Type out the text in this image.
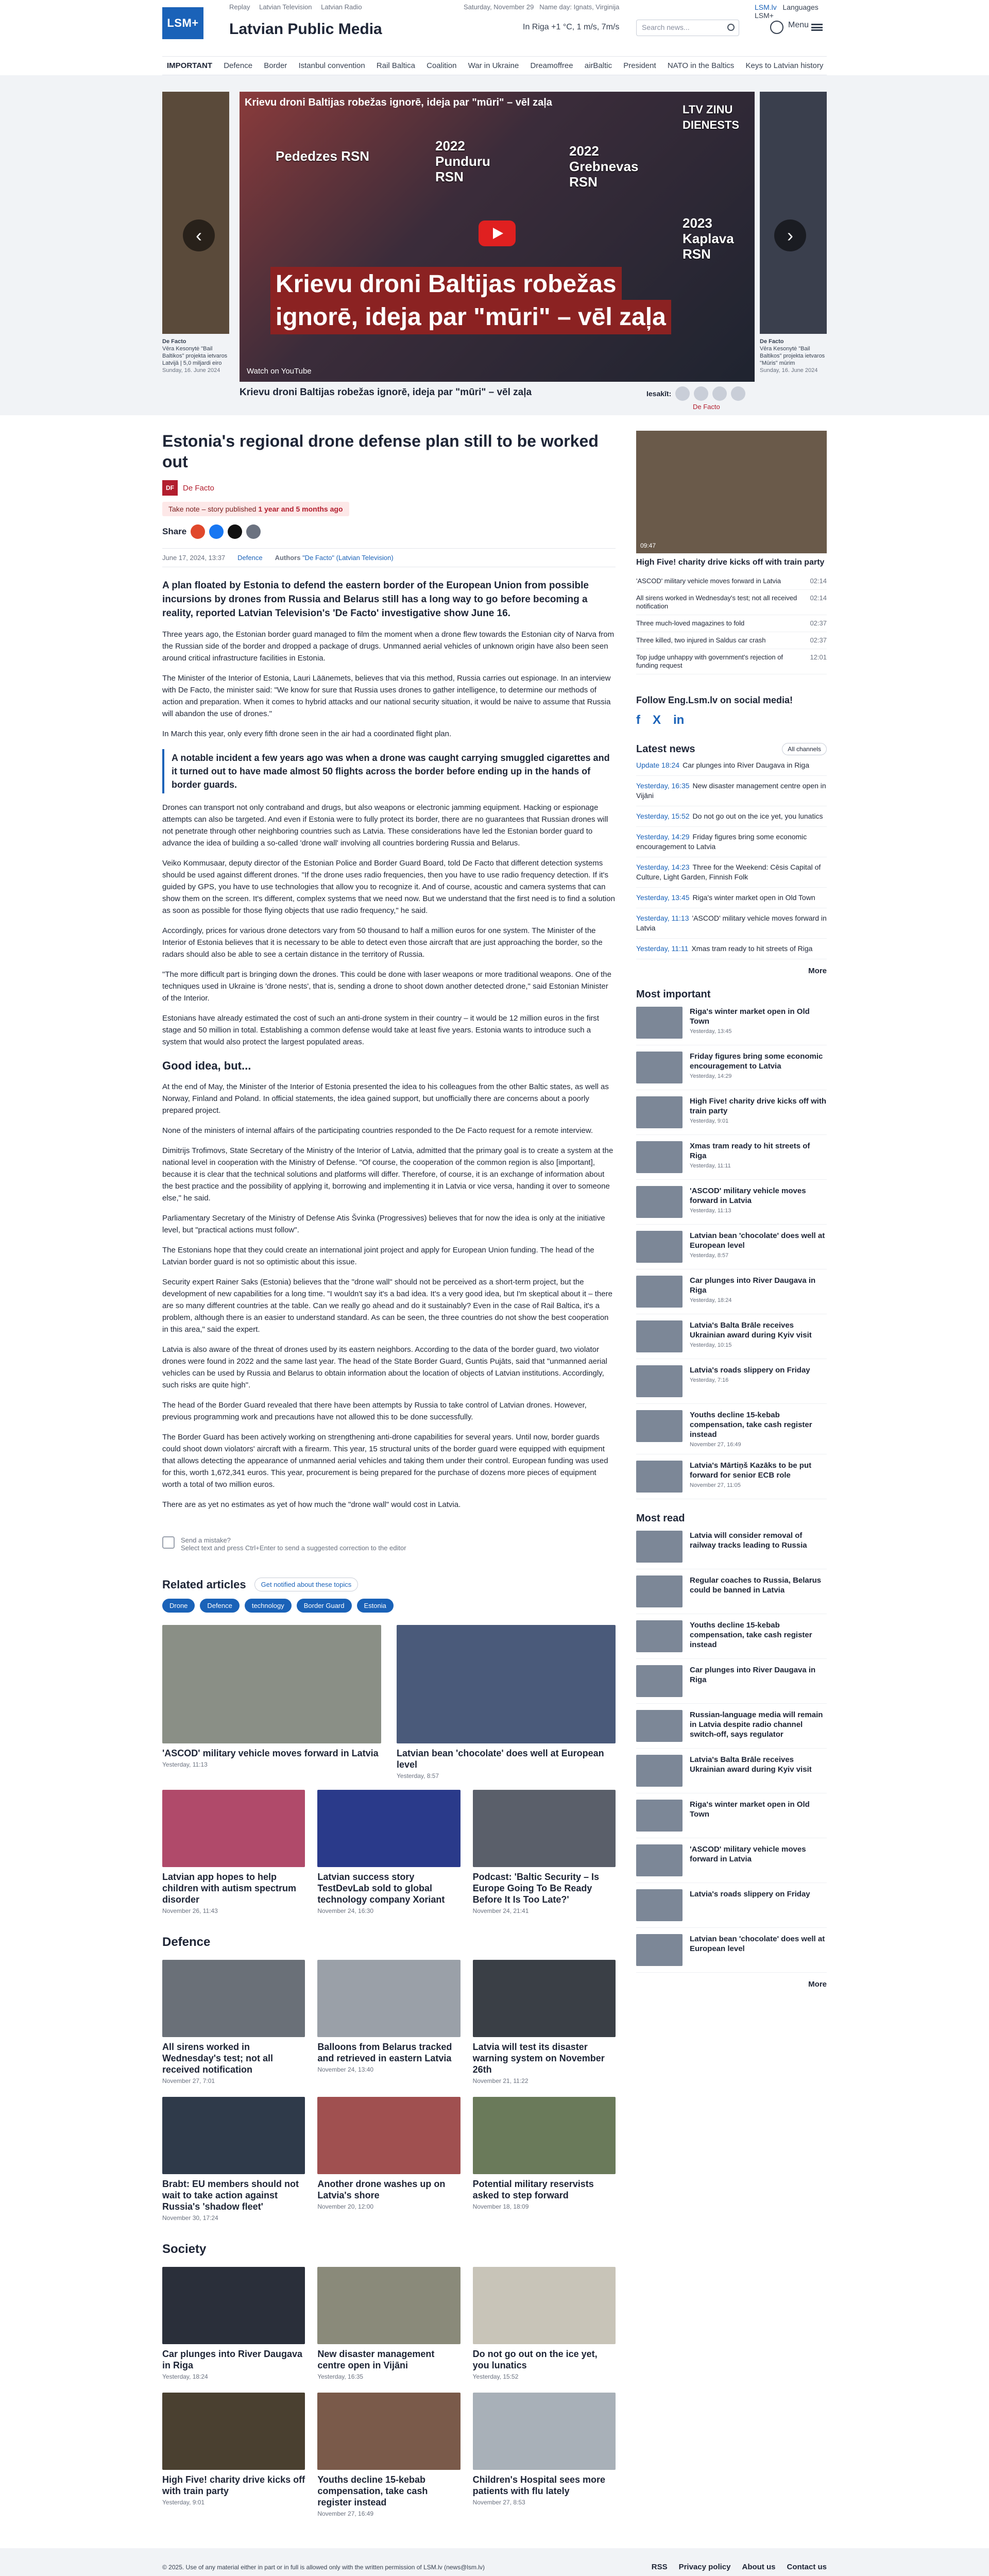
LSM+
Replay Latvian Television Latvian Radio
Latvian Public Media
Saturday, November 29 Name day: Ignats, Virginija
In Riga +1 °C, 1 m/s, 7m/s	Search news...
LSM.lv Languages LSM+
Menu
IMPORTANT Defence Border Istanbul convention Rail Baltica Coalition War in Ukraine Dreamoffree airBaltic President NATO in the Baltics Keys to Latvian history
De Facto
Vēra Kesonytė "Bail Baltikos" projekta ietvaros Latvijā | 5,0 miljardi eiro
Sunday, 16. June 2024
De Facto
Vēra Kesonytė "Bail Baltikos" projekta ietvaros "Mūris" mūrim
Sunday, 16. June 2024
Krievu droni Baltijas robežas ignorē, ideja par "mūri" – vēl zaļa
Pededzes RSN
2022 Punduru RSN
2022 Grebnevas RSN
2023 Kaplava RSN
LTV ZINU DIENESTS
Krievu droni Baltijas robežas
ignorē, ideja par "mūri" – vēl zaļa
Watch on YouTube
‹	›
Krievu droni Baltijas robežas ignorē, ideja par "mūri" – vēl zaļa	Iesakīt:
De Facto
Estonia's regional drone defense plan still to be worked out
DF	De Facto
Take note – story published 1 year and 5 months ago
Share
June 17, 2024, 13:37 Defence Authors "De Facto" (Latvian Television)

A plan floated by Estonia to defend the eastern border of the European Union from possible incursions by drones from Russia and Belarus still has a long way to go before becoming a reality, reported Latvian Television's 'De Facto' investigative show June 16.

Three years ago, the Estonian border guard managed to film the moment when a drone flew towards the Estonian city of Narva from the Russian side of the border and dropped a package of drugs. Unmanned aerial vehicles of unknown origin have also been seen around critical infrastructure facilities in Estonia.

The Minister of the Interior of Estonia, Lauri Läänemets, believes that via this method, Russia carries out espionage. In an interview with De Facto, the minister said: "We know for sure that Russia uses drones to gather intelligence, to determine our methods of action and preparation. When it comes to hybrid attacks and our national security situation, it would be naive to assume that Russia will abandon the use of drones."

In March this year, only every fifth drone seen in the air had a coordinated flight plan.

A notable incident a few years ago was when a drone was caught carrying smuggled cigarettes and it turned out to have made almost 50 flights across the border before ending up in the hands of border guards.

Drones can transport not only contraband and drugs, but also weapons or electronic jamming equipment. Hacking or espionage attempts can also be targeted. And even if Estonia were to fully protect its border, there are no guarantees that Russian drones will not penetrate through other neighboring countries such as Latvia. These considerations have led the Estonian border guard to advance the idea of building a so-called 'drone wall' involving all countries bordering Russia and Belarus.

Veiko Kommusaar, deputy director of the Estonian Police and Border Guard Board, told De Facto that different detection systems should be used against different drones. "If the drone uses radio frequencies, then you have to use radio frequency detection. If it's guided by GPS, you have to use technologies that allow you to recognize it. And of course, acoustic and camera systems that can show them on the screen. It's different, complex systems that we need now. But we understand that the first need is to find a solution as soon as possible for those flying objects that use radio frequency," he said.

Accordingly, prices for various drone detectors vary from 50 thousand to half a million euros for one system. The Minister of the Interior of Estonia believes that it is necessary to be able to detect even those aircraft that are just approaching the border, so the radars should also be able to see a certain distance in the territory of Russia.

"The more difficult part is bringing down the drones. This could be done with laser weapons or more traditional weapons. One of the techniques used in Ukraine is 'drone nests', that is, sending a drone to shoot down another detected drone," said Estonian Minister of the Interior.

Estonians have already estimated the cost of such an anti-drone system in their country – it would be 12 million euros in the first stage and 50 million in total. Establishing a common defense would take at least five years. Estonia wants to introduce such a system that would also protect the largest populated areas.

Good idea, but...

At the end of May, the Minister of the Interior of Estonia presented the idea to his colleagues from the other Baltic states, as well as Norway, Finland and Poland. In official statements, the idea gained support, but unofficially there are concerns about a poorly prepared project.

None of the ministers of internal affairs of the participating countries responded to the De Facto request for a remote interview.

Dimitrijs Trofimovs, State Secretary of the Ministry of the Interior of Latvia, admitted that the primary goal is to create a system at the national level in cooperation with the Ministry of Defense. "Of course, the cooperation of the common region is also [important], because it is clear that the technical solutions and platforms will differ. Therefore, of course, it is an exchange of information about the best practice and the possibility of applying it, borrowing and implementing it in Latvia or vice versa, handing it over to someone else," he said.

Parliamentary Secretary of the Ministry of Defense Atis Švinka (Progressives) believes that for now the idea is only at the initiative level, but "practical actions must follow".

The Estonians hope that they could create an international joint project and apply for European Union funding. The head of the Latvian border guard is not so optimistic about this issue.

Security expert Rainer Saks (Estonia) believes that the "drone wall" should not be perceived as a short-term project, but the development of new capabilities for a long time. "I wouldn't say it's a bad idea. It's a very good idea, but I'm skeptical about it – there are so many different countries at the table. Can we really go ahead and do it sustainably? Even in the case of Rail Baltica, it's a problem, although there is an easier to understand standard. As can be seen, the three countries do not show the best cooperation in this area," said the expert.

Latvia is also aware of the threat of drones used by its eastern neighbors. According to the data of the border guard, two violator drones were found in 2022 and the same last year. The head of the State Border Guard, Guntis Pujāts, said that "unmanned aerial vehicles can be used by Russia and Belarus to obtain information about the location of objects of Latvian institutions. Accordingly, such risks are quite high".

The head of the Border Guard revealed that there have been attempts by Russia to take control of Latvian drones. However, previous programming work and precautions have not allowed this to be done successfully.

The Border Guard has been actively working on strengthening anti-drone capabilities for several years. Until now, border guards could shoot down violators' aircraft with a firearm. This year, 15 structural units of the border guard were equipped with equipment that allows detecting the appearance of unmanned aerial vehicles and taking them under their control. European funding was used for this, worth 1,672,341 euros. This year, procurement is being prepared for the purchase of dozens more pieces of equipment worth a total of two million euros.

There are as yet no estimates as yet of how much the "drone wall" would cost in Latvia.

Send a mistake?
Select text and press Ctrl+Enter to send a suggested correction to the editor
Related articles	Get notified about these topics
Drone	Defence	technology	Border Guard	Estonia
'ASCOD' military vehicle moves forward in Latvia
Yesterday, 11:13
Latvian bean 'chocolate' does well at European level
Yesterday, 8:57
Latvian app hopes to help children with autism spectrum disorder
November 26, 11:43
Latvian success story TestDevLab sold to global technology company Xoriant
November 24, 16:30
Podcast: 'Baltic Security – Is Europe Going To Be Ready Before It Is Too Late?'
November 24, 21:41
Defence
All sirens worked in Wednesday's test; not all received notification
November 27, 7:01
Balloons from Belarus tracked and retrieved in eastern Latvia
November 24, 13:40
Latvia will test its disaster warning system on November 26th
November 21, 11:22
Brabt: EU members should not wait to take action against Russia's 'shadow fleet'
November 30, 17:24
Another drone washes up on Latvia's shore
November 20, 12:00
Potential military reservists asked to step forward
November 18, 18:09
Society
Car plunges into River Daugava in Riga
Yesterday, 18:24
New disaster management centre open in Vijāni
Yesterday, 16:35
Do not go out on the ice yet, you lunatics
Yesterday, 15:52
High Five! charity drive kicks off with train party
Yesterday, 9:01
Youths decline 15-kebab compensation, take cash register instead
November 27, 16:49
Children's Hospital sees more patients with flu lately
November 27, 8:53
09:47
High Five! charity drive kicks off with train party
'ASCOD' military vehicle moves forward in Latvia	02:14
All sirens worked in Wednesday's test; not all received notification
02:14
Three much-loved magazines to fold	02:37
Three killed, two injured in Saldus car crash	02:37
Top judge unhappy with government's rejection of funding request
12:01
Follow Eng.Lsm.lv on social media!
f X in
Latest news	All channels
Update 18:24 Car plunges into River Daugava in Riga
Yesterday, 16:35 New disaster management centre open in Vijāni
Yesterday, 15:52 Do not go out on the ice yet, you lunatics
Yesterday, 14:29 Friday figures bring some economic encouragement to Latvia
Yesterday, 14:23 Three for the Weekend: Cēsis Capital of Culture, Light Garden, Finnish Folk
Yesterday, 13:45 Riga's winter market open in Old Town
Yesterday, 11:13 'ASCOD' military vehicle moves forward in Latvia
Yesterday, 11:11 Xmas tram ready to hit streets of Riga
More
Most important
Riga's winter market open in Old Town
Yesterday, 13:45
Friday figures bring some economic encouragement to Latvia
Yesterday, 14:29
High Five! charity drive kicks off with train party
Yesterday, 9:01
Xmas tram ready to hit streets of Riga
Yesterday, 11:11
'ASCOD' military vehicle moves forward in Latvia
Yesterday, 11:13
Latvian bean 'chocolate' does well at European level
Yesterday, 8:57
Car plunges into River Daugava in Riga
Yesterday, 18:24
Latvia's Balta Brāle receives Ukrainian award during Kyiv visit
Yesterday, 10:15
Latvia's roads slippery on Friday
Yesterday, 7:16
Youths decline 15-kebab compensation, take cash register instead
November 27, 16:49
Latvia's Mārtiņš Kazāks to be put forward for senior ECB role
November 27, 11:05
Most read
Latvia will consider removal of railway tracks leading to Russia
Regular coaches to Russia, Belarus could be banned in Latvia
Youths decline 15-kebab compensation, take cash register instead
Car plunges into River Daugava in Riga
Russian-language media will remain in Latvia despite radio channel switch-off, says regulator
Latvia's Balta Brāle receives Ukrainian award during Kyiv visit
Riga's winter market open in Old Town
'ASCOD' military vehicle moves forward in Latvia
Latvia's roads slippery on Friday
Latvian bean 'chocolate' does well at European level
More
© 2025. Use of any material either in part or in full is allowed only with the written permission of LSM.lv (news@lsm.lv)	RSS Privacy policy About us Contact us
